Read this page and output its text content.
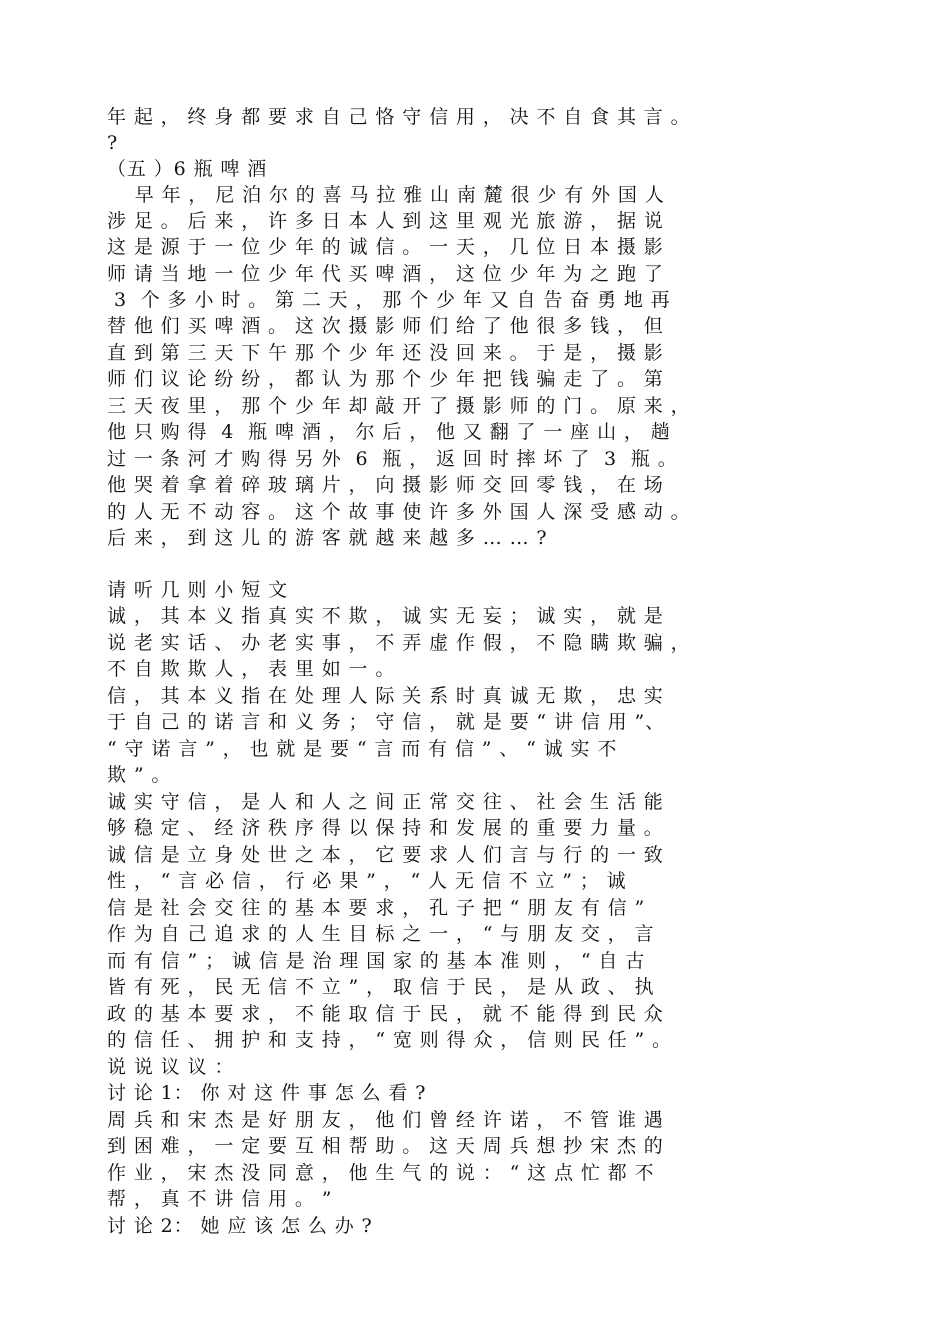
年 起 ， 终 身 都 要 求 自 己 恪 守 信 用 ， 决 不 自 食 其 言 。
?
（五 ）6 瓶 啤 酒
早 年 ， 尼 泊 尔 的 喜 马 拉 雅 山 南 麓 很 少 有 外 国 人
涉 足 。 后 来 ， 许 多 日 本 人 到 这 里 观 光 旅 游 ， 据 说
这 是 源 于 一 位 少 年 的 诚 信 。 一 天 ， 几 位 日 本 摄 影
师 请 当 地 一 位 少 年 代 买 啤 酒 ， 这 位 少 年 为 之 跑 了
3  个 多 小 时 。 第 二 天 ， 那 个 少 年 又 自 告 奋 勇 地 再
替 他 们 买 啤 酒 。 这 次 摄 影 师 们 给 了 他 很 多 钱 ， 但
直 到 第 三 天 下 午 那 个 少 年 还 没 回 来 。 于 是 ， 摄 影
师 们 议 论 纷 纷 ， 都 认 为 那 个 少 年 把 钱 骗 走 了 。 第
三 天 夜 里 ， 那 个 少 年 却 敲 开 了 摄 影 师 的 门 。 原 来 ，
他 只 购 得  4  瓶 啤 酒 ， 尔 后 ， 他 又 翻 了 一 座 山 ， 趟
过 一 条 河 才 购 得 另 外  6  瓶 ， 返 回 时 摔 坏 了  3  瓶 。
他 哭 着 拿 着 碎 玻 璃 片 ， 向 摄 影 师 交 回 零 钱 ， 在 场
的 人 无 不 动 容 。 这 个 故 事 使 许 多 外 国 人 深 受 感 动 。
后 来 ， 到 这 儿 的 游 客 就 越 来 越 多 … … ?
请 听 几 则 小 短 文
诚 ， 其 本 义 指 真 实 不 欺 ， 诚 实 无 妄 ； 诚 实 ， 就 是
说 老 实 话 、 办 老 实 事 ， 不 弄 虚 作 假 ， 不 隐 瞒 欺 骗 ，
不 自 欺 欺 人 ， 表 里 如 一 。
信 ， 其 本 义 指 在 处 理 人 际 关 系 时 真 诚 无 欺 ， 忠 实
于 自 己 的 诺 言 和 义 务 ； 守 信 ， 就 是 要 “ 讲 信 用 ”、
“ 守 诺 言 ” ， 也 就 是 要 “ 言 而 有 信 ” 、 “ 诚 实 不
欺 ” 。
诚 实 守 信 ， 是 人 和 人 之 间 正 常 交 往 、 社 会 生 活 能
够 稳 定 、 经 济 秩 序 得 以 保 持 和 发 展 的 重 要 力 量 。
诚 信 是 立 身 处 世 之 本 ， 它 要 求 人 们 言 与 行 的 一 致
性 ， “ 言 必 信 ， 行 必 果 ” ， “ 人 无 信 不 立 ” ； 诚
信 是 社 会 交 往 的 基 本 要 求 ， 孔 子 把 “ 朋 友 有 信 ”
作 为 自 己 追 求 的 人 生 目 标 之 一 ， “ 与 朋 友 交 ， 言
而 有 信 ” ； 诚 信 是 治 理 国 家 的 基 本 准 则 ， “ 自 古
皆 有 死 ， 民 无 信 不 立 ” ， 取 信 于 民 ， 是 从 政 、 执
政 的 基 本 要 求 ， 不 能 取 信 于 民 ， 就 不 能 得 到 民 众
的 信 任 、 拥 护 和 支 持 ， “ 宽 则 得 众 ， 信 则 民 任 ” 。
说 说 议 议 ：
讨 论 1： 你 对 这 件 事 怎 么 看 ?
周 兵 和 宋 杰 是 好 朋 友 ， 他 们 曾 经 许 诺 ， 不 管 谁 遇
到 困 难 ， 一 定 要 互 相 帮 助 。 这 天 周 兵 想 抄 宋 杰 的
作 业 ， 宋 杰 没 同 意 ， 他 生 气 的 说 ： “ 这 点 忙 都 不
帮 ， 真 不 讲 信 用 。 ”
讨 论 2： 她 应 该 怎 么 办 ?
